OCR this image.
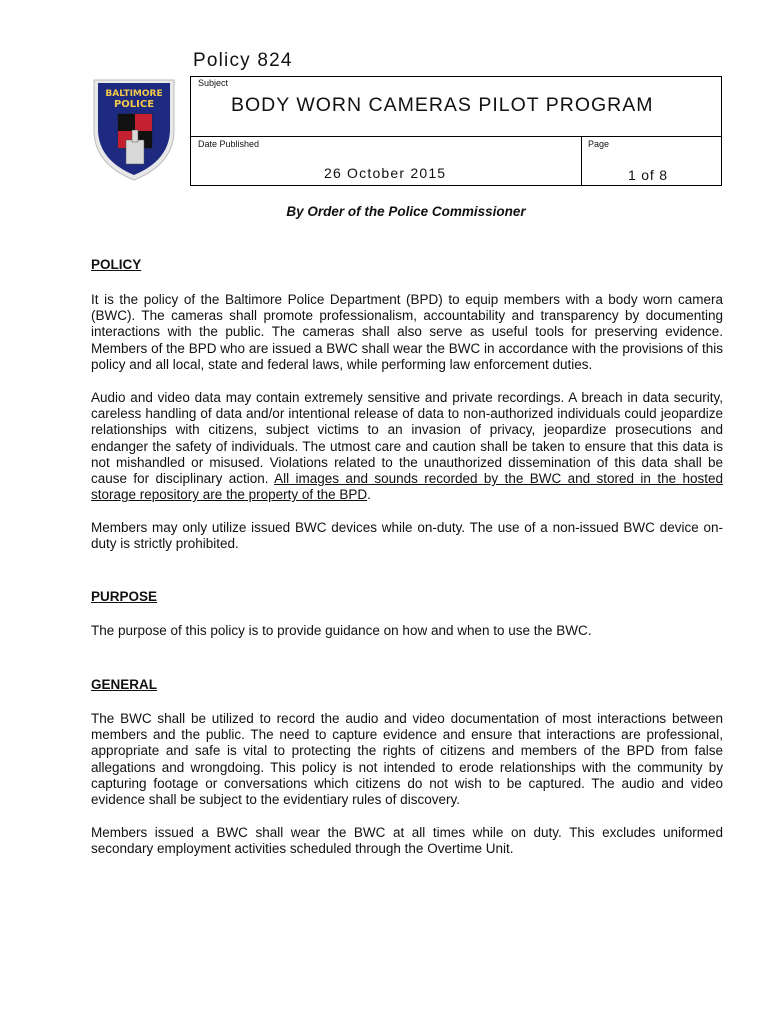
Policy 824
BALTIMORE
POLICE
Subject
BODY WORN CAMERAS PILOT PROGRAM
Date Published
26 October 2015
Page
1 of 8
By Order of the Police Commissioner
POLICY

It is the policy of the Baltimore Police Department (BPD) to equip members with a body worn camera (BWC). The cameras shall promote professionalism, accountability and transparency by documenting interactions with the public. The cameras shall also serve as useful tools for preserving evidence. Members of the BPD who are issued a BWC shall wear the BWC in accordance with the provisions of this policy and all local, state and federal laws, while performing law enforcement duties.

Audio and video data may contain extremely sensitive and private recordings. A breach in data security, careless handling of data and/or intentional release of data to non-authorized individuals could jeopardize relationships with citizens, subject victims to an invasion of privacy, jeopardize prosecutions and endanger the safety of individuals. The utmost care and caution shall be taken to ensure that this data is not mishandled or misused. Violations related to the unauthorized dissemination of this data shall be cause for disciplinary action. All images and sounds recorded by the BWC and stored in the hosted storage repository are the property of the BPD.

Members may only utilize issued BWC devices while on-duty. The use of a non-issued BWC device on-duty is strictly prohibited.

PURPOSE

The purpose of this policy is to provide guidance on how and when to use the BWC.

GENERAL

The BWC shall be utilized to record the audio and video documentation of most interactions between members and the public. The need to capture evidence and ensure that interactions are professional, appropriate and safe is vital to protecting the rights of citizens and members of the BPD from false allegations and wrongdoing. This policy is not intended to erode relationships with the community by capturing footage or conversations which citizens do not wish to be captured. The audio and video evidence shall be subject to the evidentiary rules of discovery.

Members issued a BWC shall wear the BWC at all times while on duty. This excludes uniformed secondary employment activities scheduled through the Overtime Unit.
